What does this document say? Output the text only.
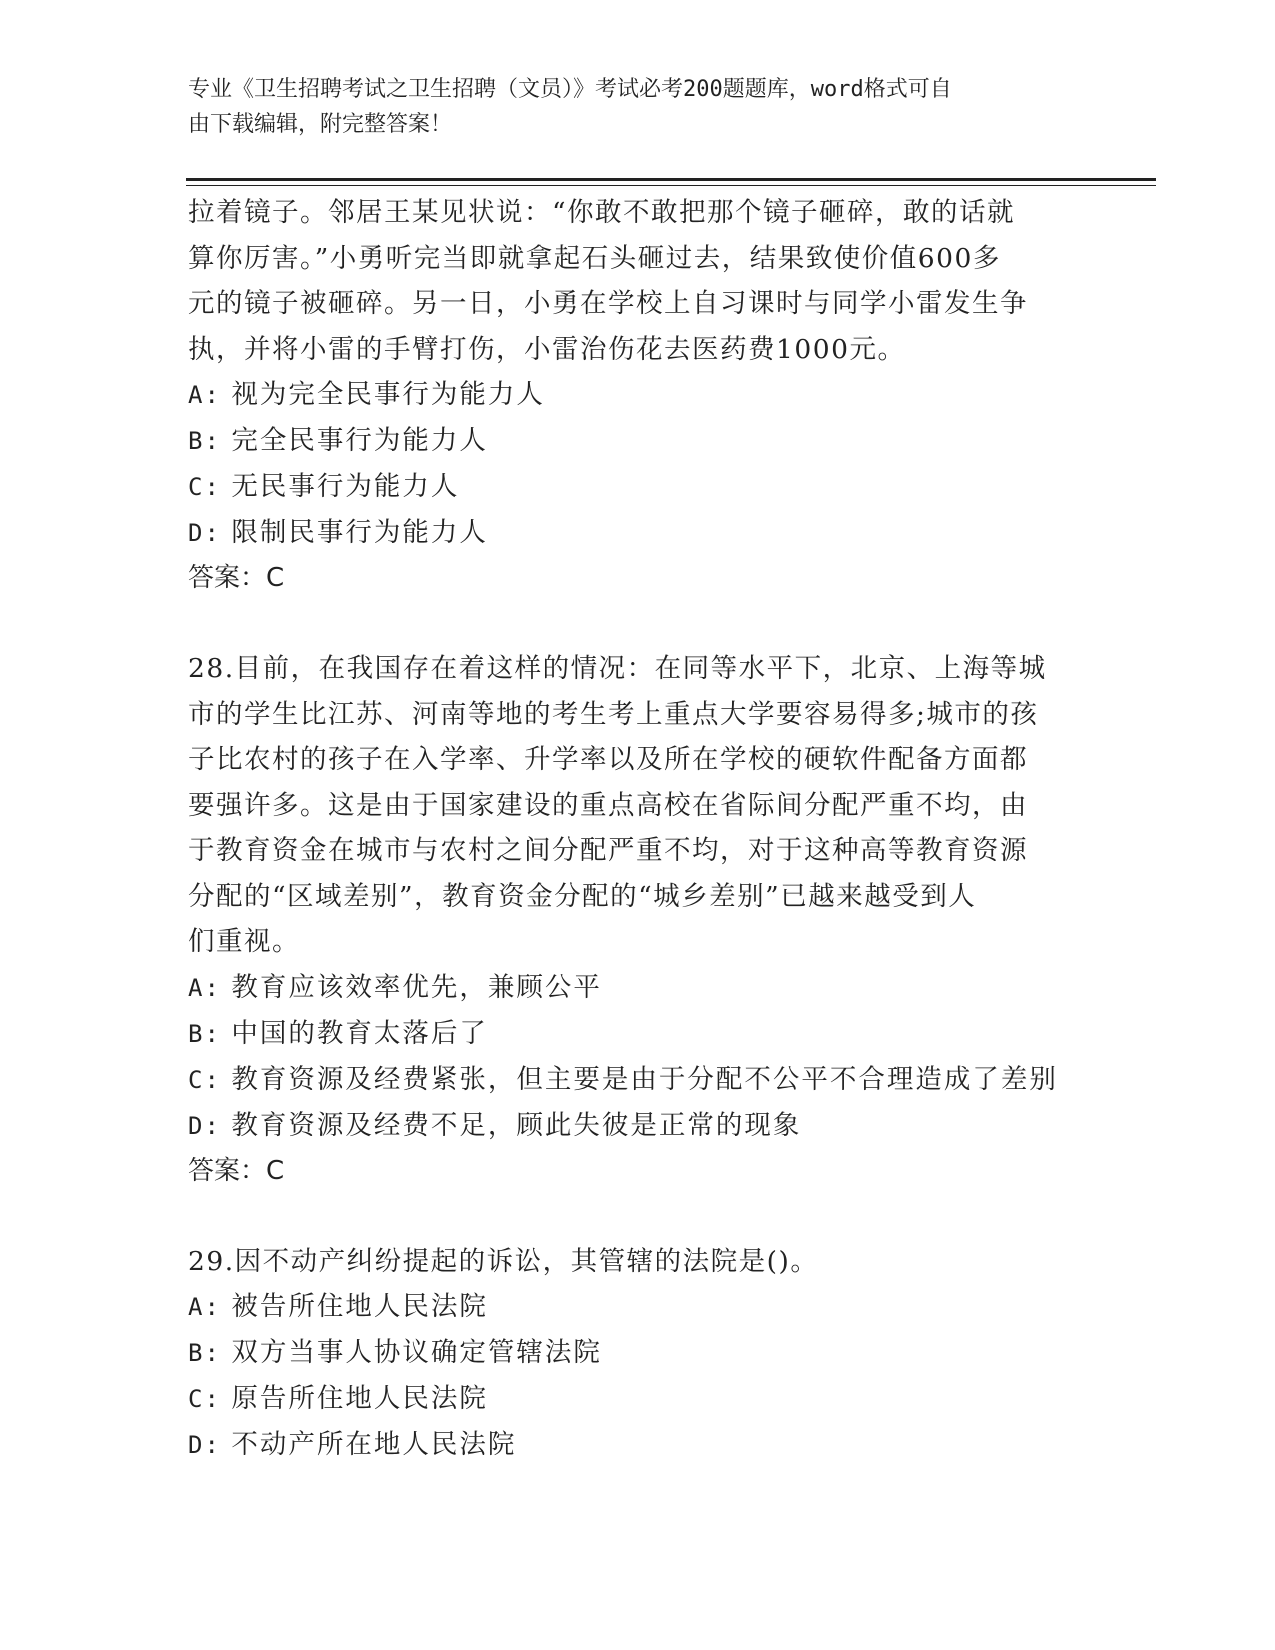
专业《卫生招聘考试之卫生招聘（文员）》考试必考200题题库，word格式可自
由下载编辑，附完整答案！

拉着镜子。邻居王某见状说：“你敢不敢把那个镜子砸碎，敢的话就

算你厉害。”小勇听完当即就拿起石头砸过去，结果致使价值600多

元的镜子被砸碎。另一日，小勇在学校上自习课时与同学小雷发生争

执，并将小雷的手臂打伤，小雷治伤花去医药费1000元。

A: 视为完全民事行为能力人

B: 完全民事行为能力人

C: 无民事行为能力人

D: 限制民事行为能力人

答案：C

28.目前，在我国存在着这样的情况：在同等水平下，北京、上海等城

市的学生比江苏、河南等地的考生考上重点大学要容易得多;城市的孩

子比农村的孩子在入学率、升学率以及所在学校的硬软件配备方面都

要强许多。这是由于国家建设的重点高校在省际间分配严重不均，由

于教育资金在城市与农村之间分配严重不均，对于这种高等教育资源

分配的“区域差别”，教育资金分配的“城乡差别”已越来越受到人

们重视。

A: 教育应该效率优先，兼顾公平

B: 中国的教育太落后了

C: 教育资源及经费紧张，但主要是由于分配不公平不合理造成了差别

D: 教育资源及经费不足，顾此失彼是正常的现象

答案：C

29.因不动产纠纷提起的诉讼，其管辖的法院是()。

A: 被告所住地人民法院

B: 双方当事人协议确定管辖法院

C: 原告所住地人民法院

D: 不动产所在地人民法院
